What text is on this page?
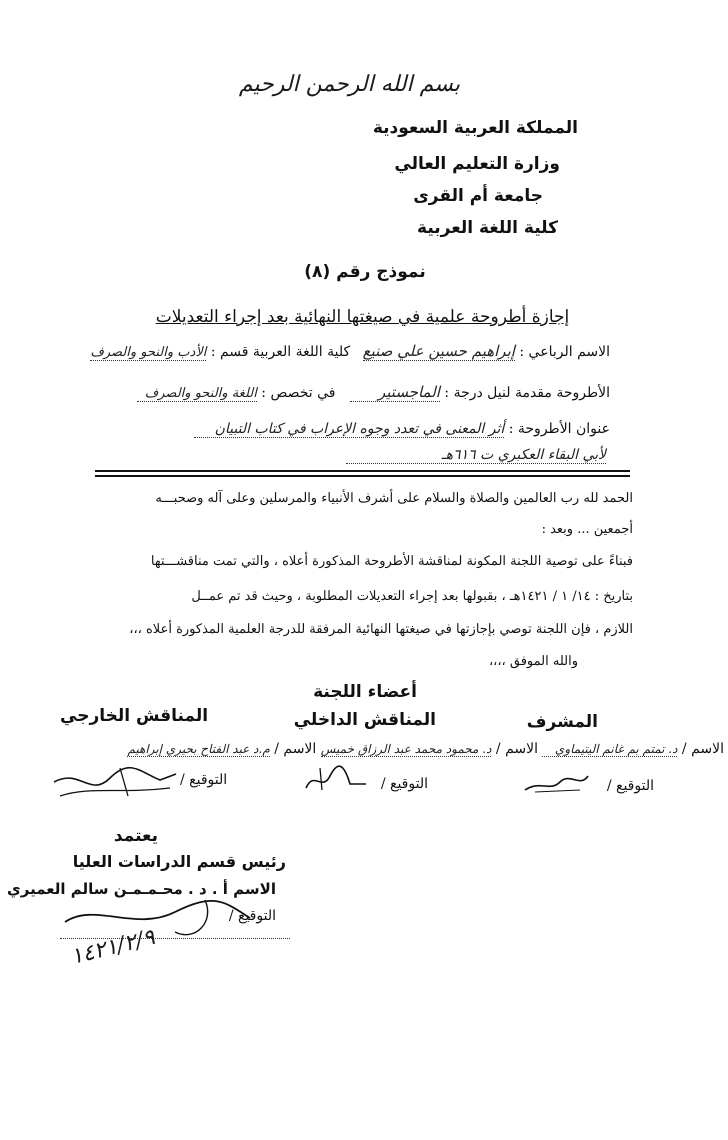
بسم الله الرحمن الرحيم
المملكة العربية السعودية
وزارة التعليم العالي
جامعة أم القرى
كلية اللغة العربية
نموذج رقم (٨)
إجازة أطروحة علمية في صيغتها النهائية بعد إجراء التعديلات
الاسم الرباعي : إبراهيم حسين علي صنيع كلية اللغة العربية قسم : الأدب والنحو والصرف
الأطروحة مقدمة لنيل درجة : الماجستير في تخصص : اللغة والنحو والصرف
عنوان الأطروحة : أثر المعنى في تعدد وجوه الإعراب في كتاب التبيان
لأبي البقاء العكبري ت ٦١٦هـ
الحمد لله رب العالمين والصلاة والسلام على أشرف الأنبياء والمرسلين وعلى آله وصحبـــه
أجمعين ... وبعد :
فبناءً على توصية اللجنة المكونة لمناقشة الأطروحة المذكورة أعلاه ، والتي تمت مناقشـــتها
بتاريخ : ١٤/ ١ / ١٤٢١هـ ، بقبولها بعد إجراء التعديلات المطلوبة ، وحيث قد تم عمــل
اللازم ، فإن اللجنة توصي بإجازتها في صيغتها النهائية المرفقة للدرجة العلمية المذكورة أعلاه ،،،
والله الموفق ،،،،
أعضاء اللجنة
المشرف
المناقش الداخلي
المناقش الخارجي
الاسم / د. تمتم بم غانم اليتيماوي الاسم / د. محمود محمد عبد الرزاق خميس الاسم / م.د عبد الفتاح بحيري إبراهيم
التوقيع /
التوقيع /
التوقيع /
يعتمد
رئيس قسم الدراسات العليا
الاسم أ . د . محـمـمـن سالم العميري
التوقيع /
١٤٢١/٢/٩
